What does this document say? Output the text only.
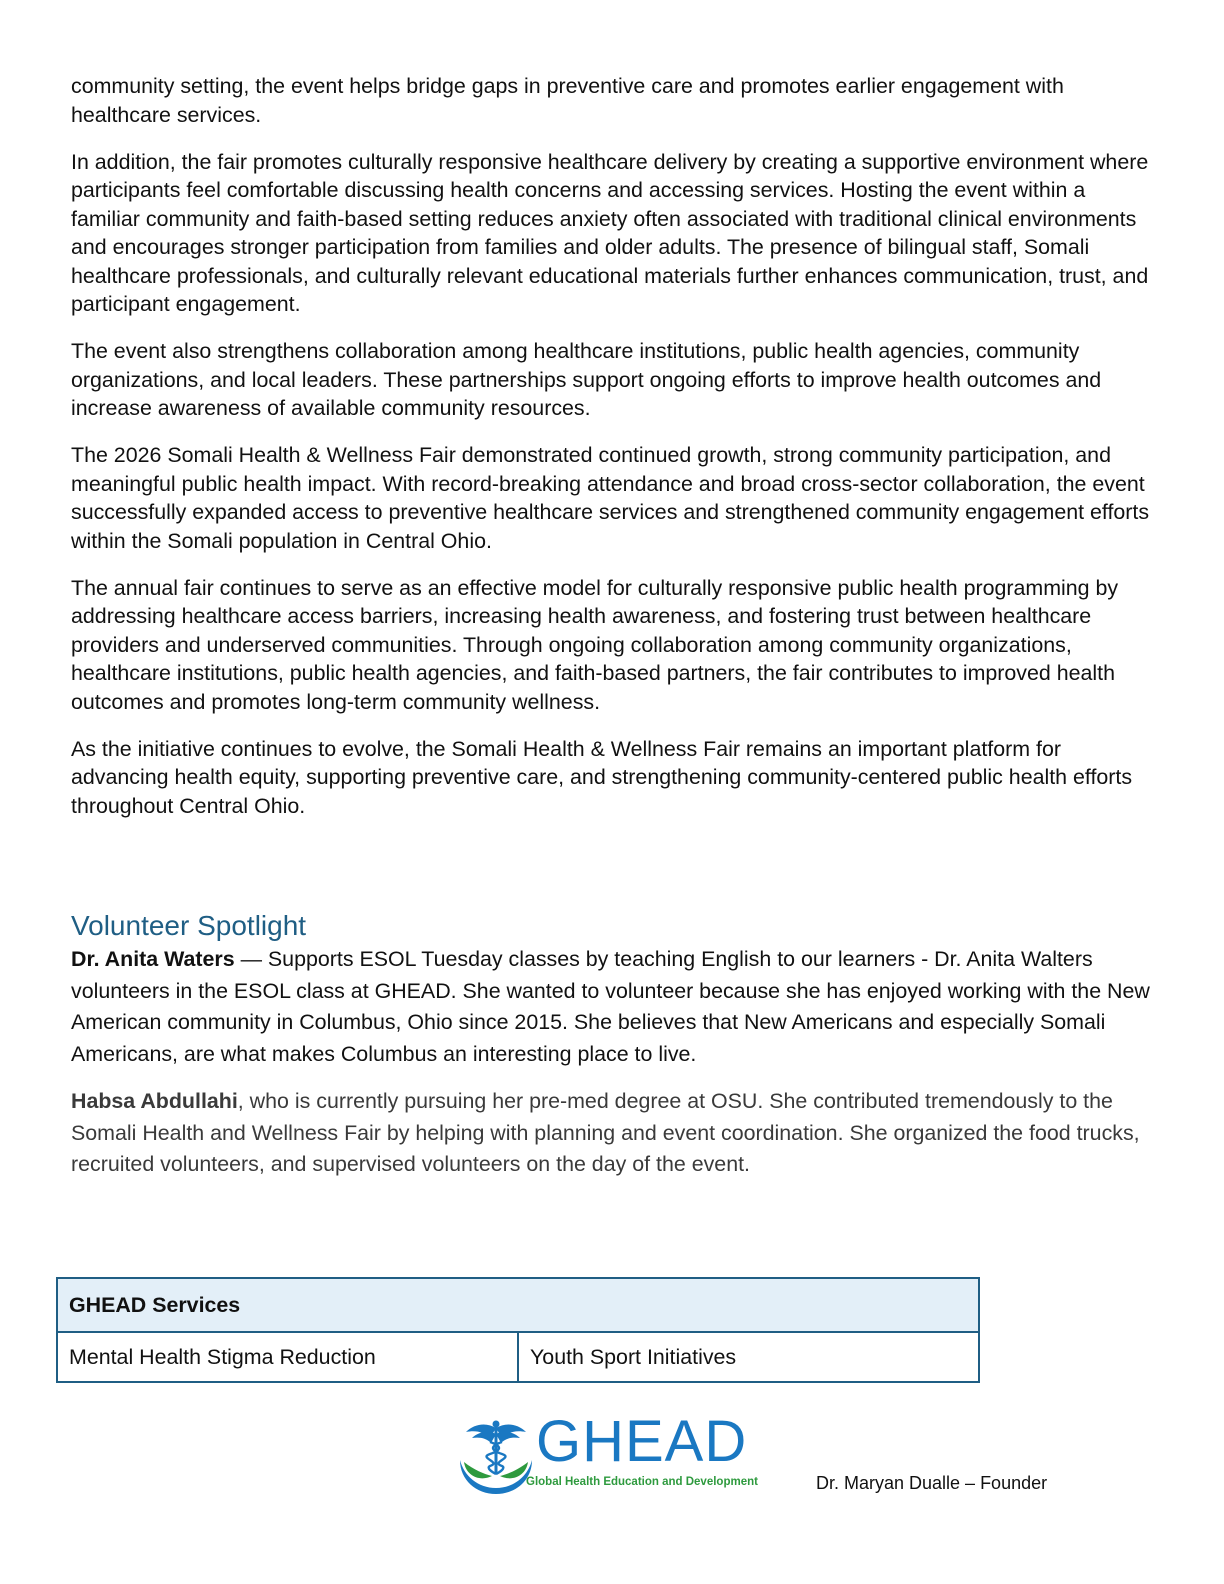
community setting, the event helps bridge gaps in preventive care and promotes earlier engagement with healthcare services.

In addition, the fair promotes culturally responsive healthcare delivery by creating a supportive environment where participants feel comfortable discussing health concerns and accessing services. Hosting the event within a familiar community and faith-based setting reduces anxiety often associated with traditional clinical environments and encourages stronger participation from families and older adults. The presence of bilingual staff, Somali healthcare professionals, and culturally relevant educational materials further enhances communication, trust, and participant engagement.

The event also strengthens collaboration among healthcare institutions, public health agencies, community organizations, and local leaders. These partnerships support ongoing efforts to improve health outcomes and increase awareness of available community resources.

The 2026 Somali Health & Wellness Fair demonstrated continued growth, strong community participation, and meaningful public health impact. With record-breaking attendance and broad cross-sector collaboration, the event successfully expanded access to preventive healthcare services and strengthened community engagement efforts within the Somali population in Central Ohio.

The annual fair continues to serve as an effective model for culturally responsive public health programming by addressing healthcare access barriers, increasing health awareness, and fostering trust between healthcare providers and underserved communities. Through ongoing collaboration among community organizations, healthcare institutions, public health agencies, and faith-based partners, the fair contributes to improved health outcomes and promotes long-term community wellness.

As the initiative continues to evolve, the Somali Health & Wellness Fair remains an important platform for advancing health equity, supporting preventive care, and strengthening community-centered public health efforts throughout Central Ohio.

Volunteer Spotlight

Dr. Anita Waters — Supports ESOL Tuesday classes by teaching English to our learners - Dr. Anita Walters volunteers in the ESOL class at GHEAD. She wanted to volunteer because she has enjoyed working with the New American community in Columbus, Ohio since 2015. She believes that New Americans and especially Somali Americans, are what makes Columbus an interesting place to live.

Habsa Abdullahi, who is currently pursuing her pre-med degree at OSU. She contributed tremendously to the Somali Health and Wellness Fair by helping with planning and event coordination. She organized the food trucks, recruited volunteers, and supervised volunteers on the day of the event.

GHEAD Services
Mental Health Stigma Reduction	Youth Sport Initiatives
GHEAD
Global Health Education and Development	Dr. Maryan Dualle – Founder
